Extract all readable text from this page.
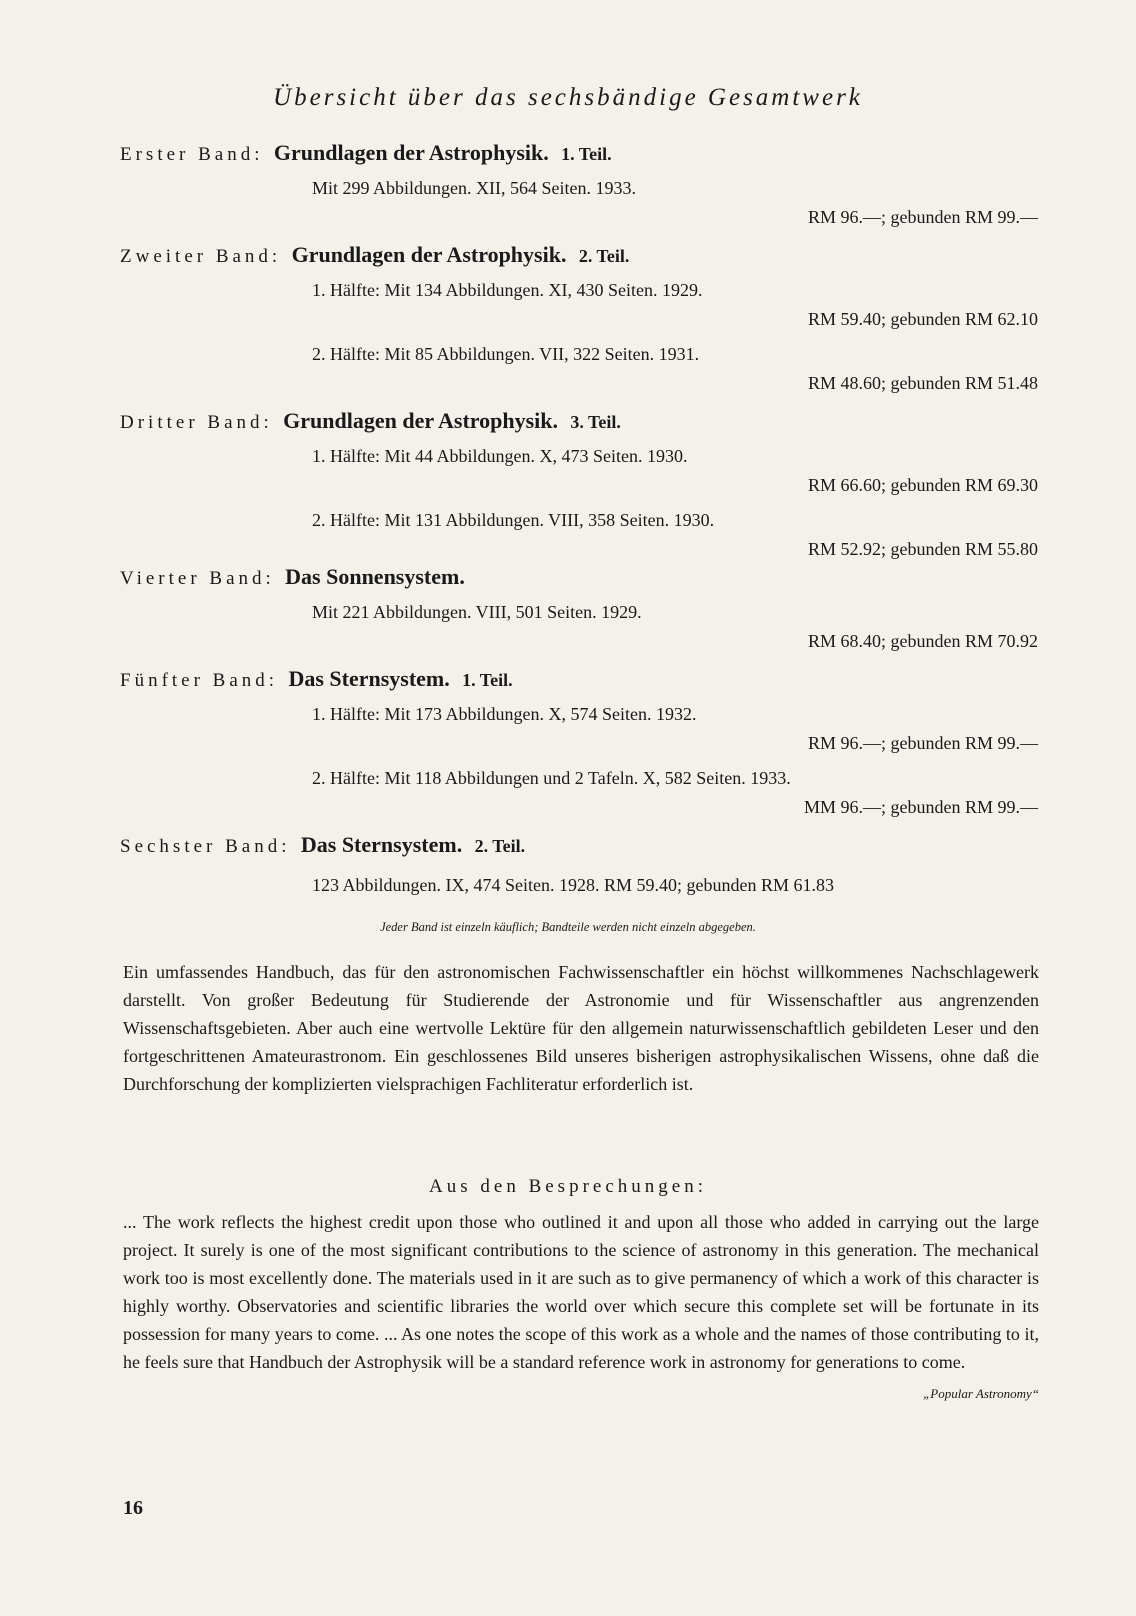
Übersicht über das sechsbändige Gesamtwerk
Erster Band: Grundlagen der Astrophysik. 1. Teil.
Mit 299 Abbildungen. XII, 564 Seiten. 1933.
RM 96.—; gebunden RM 99.—
Zweiter Band: Grundlagen der Astrophysik. 2. Teil.
1. Hälfte: Mit 134 Abbildungen. XI, 430 Seiten. 1929.
RM 59.40; gebunden RM 62.10
2. Hälfte: Mit 85 Abbildungen. VII, 322 Seiten. 1931.
RM 48.60; gebunden RM 51.48
Dritter Band: Grundlagen der Astrophysik. 3. Teil.
1. Hälfte: Mit 44 Abbildungen. X, 473 Seiten. 1930.
RM 66.60; gebunden RM 69.30
2. Hälfte: Mit 131 Abbildungen. VIII, 358 Seiten. 1930.
RM 52.92; gebunden RM 55.80
Vierter Band: Das Sonnensystem.
Mit 221 Abbildungen. VIII, 501 Seiten. 1929.
RM 68.40; gebunden RM 70.92
Fünfter Band: Das Sternsystem. 1. Teil.
1. Hälfte: Mit 173 Abbildungen. X, 574 Seiten. 1932.
RM 96.—; gebunden RM 99.—
2. Hälfte: Mit 118 Abbildungen und 2 Tafeln. X, 582 Seiten. 1933.
MM 96.—; gebunden RM 99.—
Sechster Band: Das Sternsystem. 2. Teil.
123 Abbildungen. IX, 474 Seiten. 1928. RM 59.40; gebunden RM 61.83
Jeder Band ist einzeln käuflich; Bandteile werden nicht einzeln abgegeben.
Ein umfassendes Handbuch, das für den astronomischen Fachwissenschaftler ein höchst willkommenes Nachschlagewerk darstellt. Von großer Bedeutung für Studierende der Astronomie und für Wissenschaftler aus angrenzenden Wissenschaftsgebieten. Aber auch eine wertvolle Lektüre für den allgemein naturwissenschaftlich gebildeten Leser und den fortgeschrittenen Amateurastronom. Ein geschlossenes Bild unseres bisherigen astrophysikalischen Wissens, ohne daß die Durchforschung der komplizierten vielsprachigen Fachliteratur erforderlich ist.
Aus den Besprechungen:
... The work reflects the highest credit upon those who outlined it and upon all those who added in carrying out the large project. It surely is one of the most significant contributions to the science of astronomy in this generation. The mechanical work too is most excellently done. The materials used in it are such as to give permanency of which a work of this character is highly worthy. Observatories and scientific libraries the world over which secure this complete set will be fortunate in its possession for many years to come. ... As one notes the scope of this work as a whole and the names of those contributing to it, he feels sure that Handbuch der Astrophysik will be a standard reference work in astronomy for generations to come.
„Popular Astronomy“
16
